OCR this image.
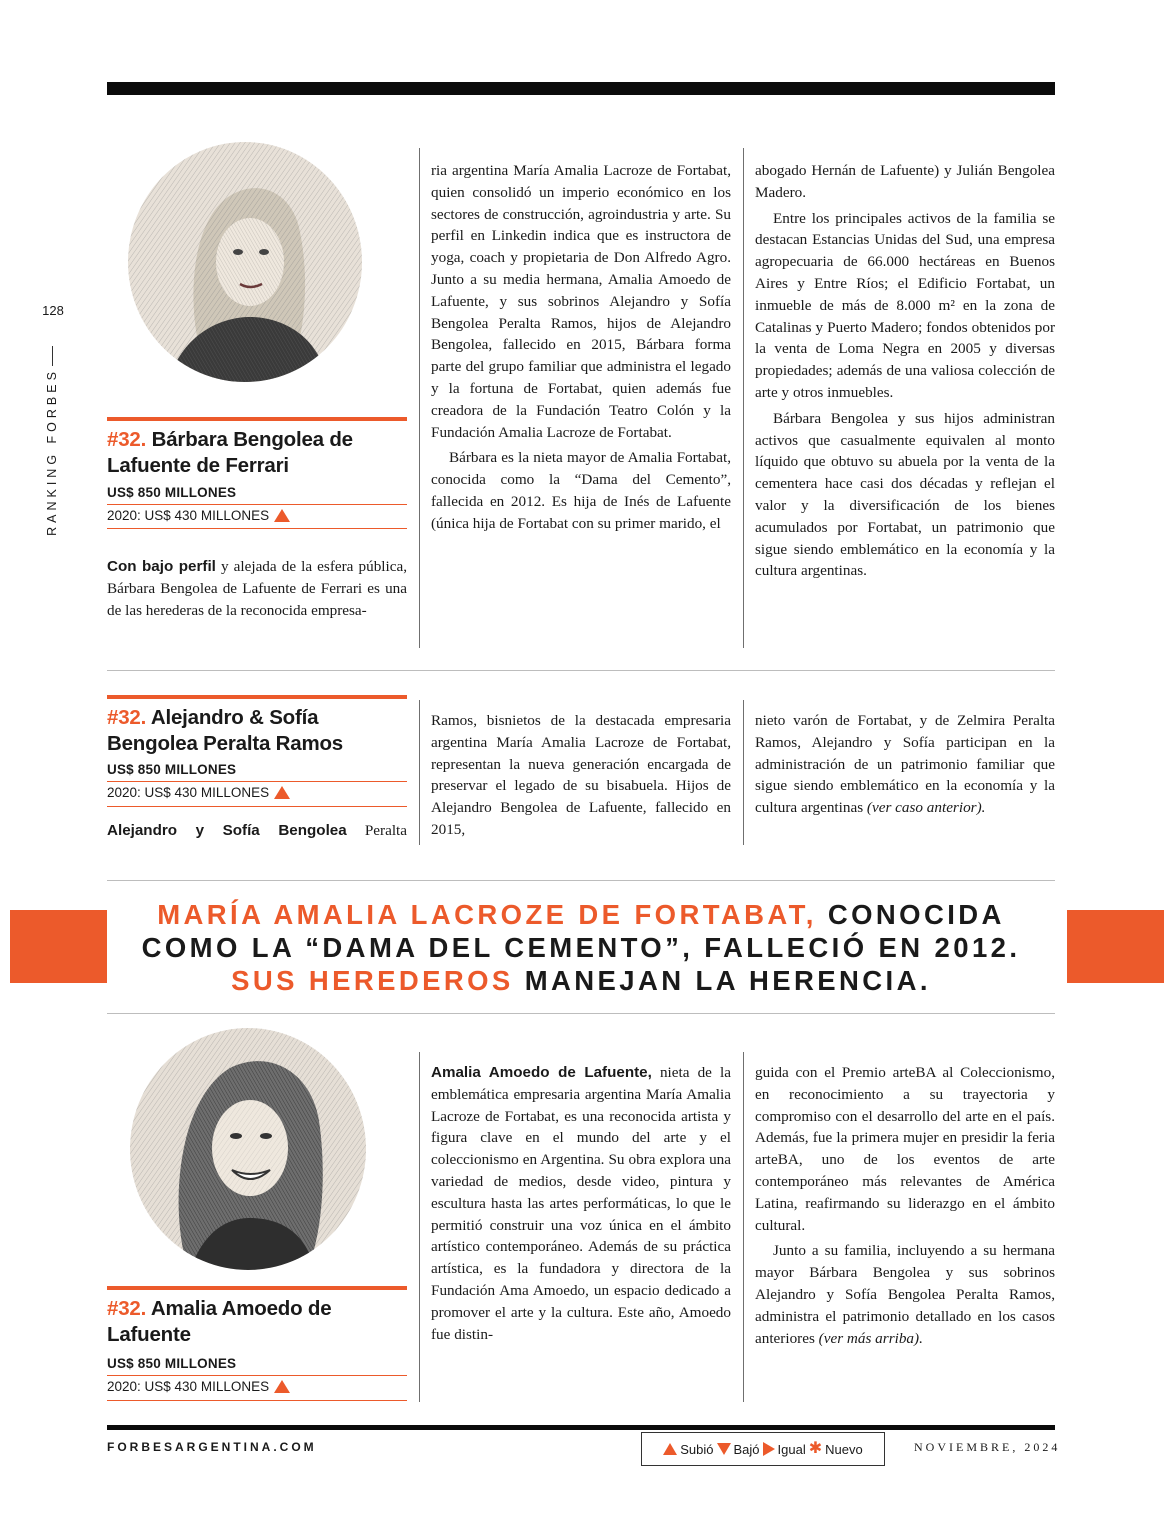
128
RANKING FORBES #32. Bárbara Bengolea de Lafuente de Ferrari
US$ 850 MILLONES
2020: US$ 430 MILLONES

Con bajo perfil y alejada de la esfera pública, Bárbara Bengolea de Lafuente de Ferrari es una de las herederas de la reconocida empresa-

ria argentina María Amalia Lacroze de Fortabat, quien consolidó un imperio económico en los sectores de construcción, agroindustria y arte. Su perfil en Linkedin indica que es instructora de yoga, coach y propietaria de Don Alfredo Agro. Junto a su media hermana, Amalia Amoedo de Lafuente, y sus sobrinos Alejandro y Sofía Bengolea Peralta Ramos, hijos de Alejandro Bengolea, fallecido en 2015, Bárbara forma parte del grupo familiar que administra el legado y la fortuna de Fortabat, quien además fue creadora de la Fundación Teatro Colón y la Fundación Amalia Lacroze de Fortabat.

Bárbara es la nieta mayor de Amalia Fortabat, conocida como la “Dama del Cemento”, fallecida en 2012. Es hija de Inés de Lafuente (única hija de Fortabat con su primer marido, el

abogado Hernán de Lafuente) y Julián Bengolea Madero.

Entre los principales activos de la familia se destacan Estancias Unidas del Sud, una empresa agropecuaria de 66.000 hectáreas en Buenos Aires y Entre Ríos; el Edificio Fortabat, un inmueble de más de 8.000 m² en la zona de Catalinas y Puerto Madero; fondos obtenidos por la venta de Loma Negra en 2005 y diversas propiedades; además de una valiosa colección de arte y otros inmuebles.

Bárbara Bengolea y sus hijos administran activos que casualmente equivalen al monto líquido que obtuvo su abuela por la venta de la cementera hace casi dos décadas y reflejan el valor y la diversificación de los bienes acumulados por Fortabat, un patrimonio que sigue siendo emblemático en la economía y la cultura argentinas.

#32. Alejandro & Sofía Bengolea Peralta Ramos
US$ 850 MILLONES
2020: US$ 430 MILLONES

Alejandro y Sofía Bengolea Peralta

Ramos, bisnietos de la destacada empresaria argentina María Amalia Lacroze de Fortabat, representan la nueva generación encargada de preservar el legado de su bisabuela. Hijos de Alejandro Bengolea de Lafuente, fallecido en 2015,

nieto varón de Fortabat, y de Zelmira Peralta Ramos, Alejandro y Sofía participan en la administración de un patrimonio familiar que sigue siendo emblemático en la economía y la cultura argentinas (ver caso anterior).

MARÍA AMALIA LACROZE DE FORTABAT, CONOCIDA COMO LA “DAMA DEL CEMENTO”, FALLECIÓ EN 2012. SUS HEREDEROS MANEJAN LA HERENCIA.
#32. Amalia Amoedo de Lafuente
US$ 850 MILLONES
2020: US$ 430 MILLONES

Amalia Amoedo de Lafuente, nieta de la emblemática empresaria argentina María Amalia Lacroze de Fortabat, es una reconocida artista y figura clave en el mundo del arte y el coleccionismo en Argentina. Su obra explora una variedad de medios, desde video, pintura y escultura hasta las artes performáticas, lo que le permitió construir una voz única en el ámbito artístico contemporáneo. Además de su práctica artística, es la fundadora y directora de la Fundación Ama Amoedo, un espacio dedicado a promover el arte y la cultura. Este año, Amoedo fue distin-

guida con el Premio arteBA al Coleccionismo, en reconocimiento a su trayectoria y compromiso con el desarrollo del arte en el país. Además, fue la primera mujer en presidir la feria arteBA, uno de los eventos de arte contemporáneo más relevantes de América Latina, reafirmando su liderazgo en el ámbito cultural.

Junto a su familia, incluyendo a su hermana mayor Bárbara Bengolea y sus sobrinos Alejandro y Sofía Bengolea Peralta Ramos, administra el patrimonio detallado en los casos anteriores (ver más arriba).

FORBESARGENTINA.COM	Subió Bajó Igual ✱ Nuevo	NOVIEMBRE, 2024
